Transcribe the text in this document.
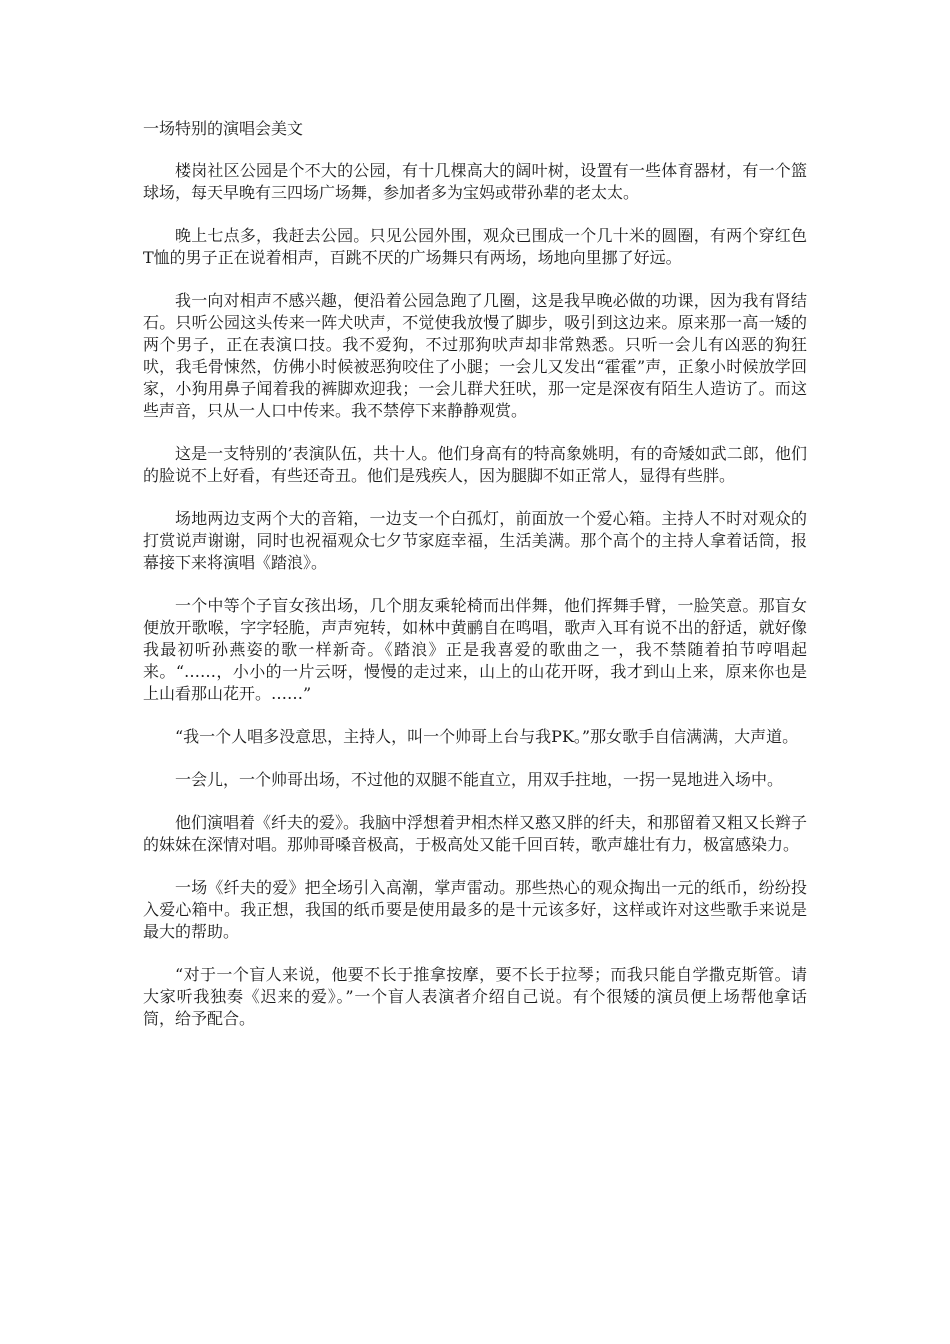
一场特别的演唱会美文

楼岗社区公园是个不大的公园，有十几棵高大的阔叶树，设置有一些体育器材，有一个篮球场，每天早晚有三四场广场舞，参加者多为宝妈或带孙辈的老太太。

晚上七点多，我赶去公园。只见公园外围，观众已围成一个几十米的圆圈，有两个穿红色T恤的男子正在说着相声，百跳不厌的广场舞只有两场，场地向里挪了好远。

我一向对相声不感兴趣，便沿着公园急跑了几圈，这是我早晚必做的功课，因为我有肾结石。只听公园这头传来一阵犬吠声，不觉使我放慢了脚步，吸引到这边来。原来那一高一矮的两个男子，正在表演口技。我不爱狗，不过那狗吠声却非常熟悉。只听一会儿有凶恶的狗狂吠，我毛骨悚然，仿佛小时候被恶狗咬住了小腿；一会儿又发出“霍霍”声，正象小时候放学回家，小狗用鼻子闻着我的裤脚欢迎我；一会儿群犬狂吠，那一定是深夜有陌生人造访了。而这些声音，只从一人口中传来。我不禁停下来静静观赏。

这是一支特别的’表演队伍，共十人。他们身高有的特高象姚明，有的奇矮如武二郎，他们的脸说不上好看，有些还奇丑。他们是残疾人，因为腿脚不如正常人，显得有些胖。

场地两边支两个大的音箱，一边支一个白孤灯，前面放一个爱心箱。主持人不时对观众的打赏说声谢谢，同时也祝福观众七夕节家庭幸福，生活美满。那个高个的主持人拿着话筒，报幕接下来将演唱《踏浪》。

一个中等个子盲女孩出场，几个朋友乘轮椅而出伴舞，他们挥舞手臂，一脸笑意。那盲女便放开歌喉，字字轻脆，声声宛转，如林中黄鹂自在鸣唱，歌声入耳有说不出的舒适，就好像我最初听孙燕姿的歌一样新奇。《踏浪》正是我喜爱的歌曲之一，我不禁随着拍节哼唱起来。“……，小小的一片云呀，慢慢的走过来，山上的山花开呀，我才到山上来，原来你也是上山看那山花开。……”

“我一个人唱多没意思，主持人，叫一个帅哥上台与我PK。”那女歌手自信满满，大声道。

一会儿，一个帅哥出场，不过他的双腿不能直立，用双手拄地，一拐一晃地进入场中。

他们演唱着《纤夫的爱》。我脑中浮想着尹相杰样又憨又胖的纤夫，和那留着又粗又长辫子的妹妹在深情对唱。那帅哥嗓音极高，于极高处又能千回百转，歌声雄壮有力，极富感染力。

一场《纤夫的爱》把全场引入高潮，掌声雷动。那些热心的观众掏出一元的纸币，纷纷投入爱心箱中。我正想，我国的纸币要是使用最多的是十元该多好，这样或许对这些歌手来说是最大的帮助。

“对于一个盲人来说，他要不长于推拿按摩，要不长于拉琴；而我只能自学撒克斯管。请大家听我独奏《迟来的爱》。”一个盲人表演者介绍自己说。有个很矮的演员便上场帮他拿话筒，给予配合。
